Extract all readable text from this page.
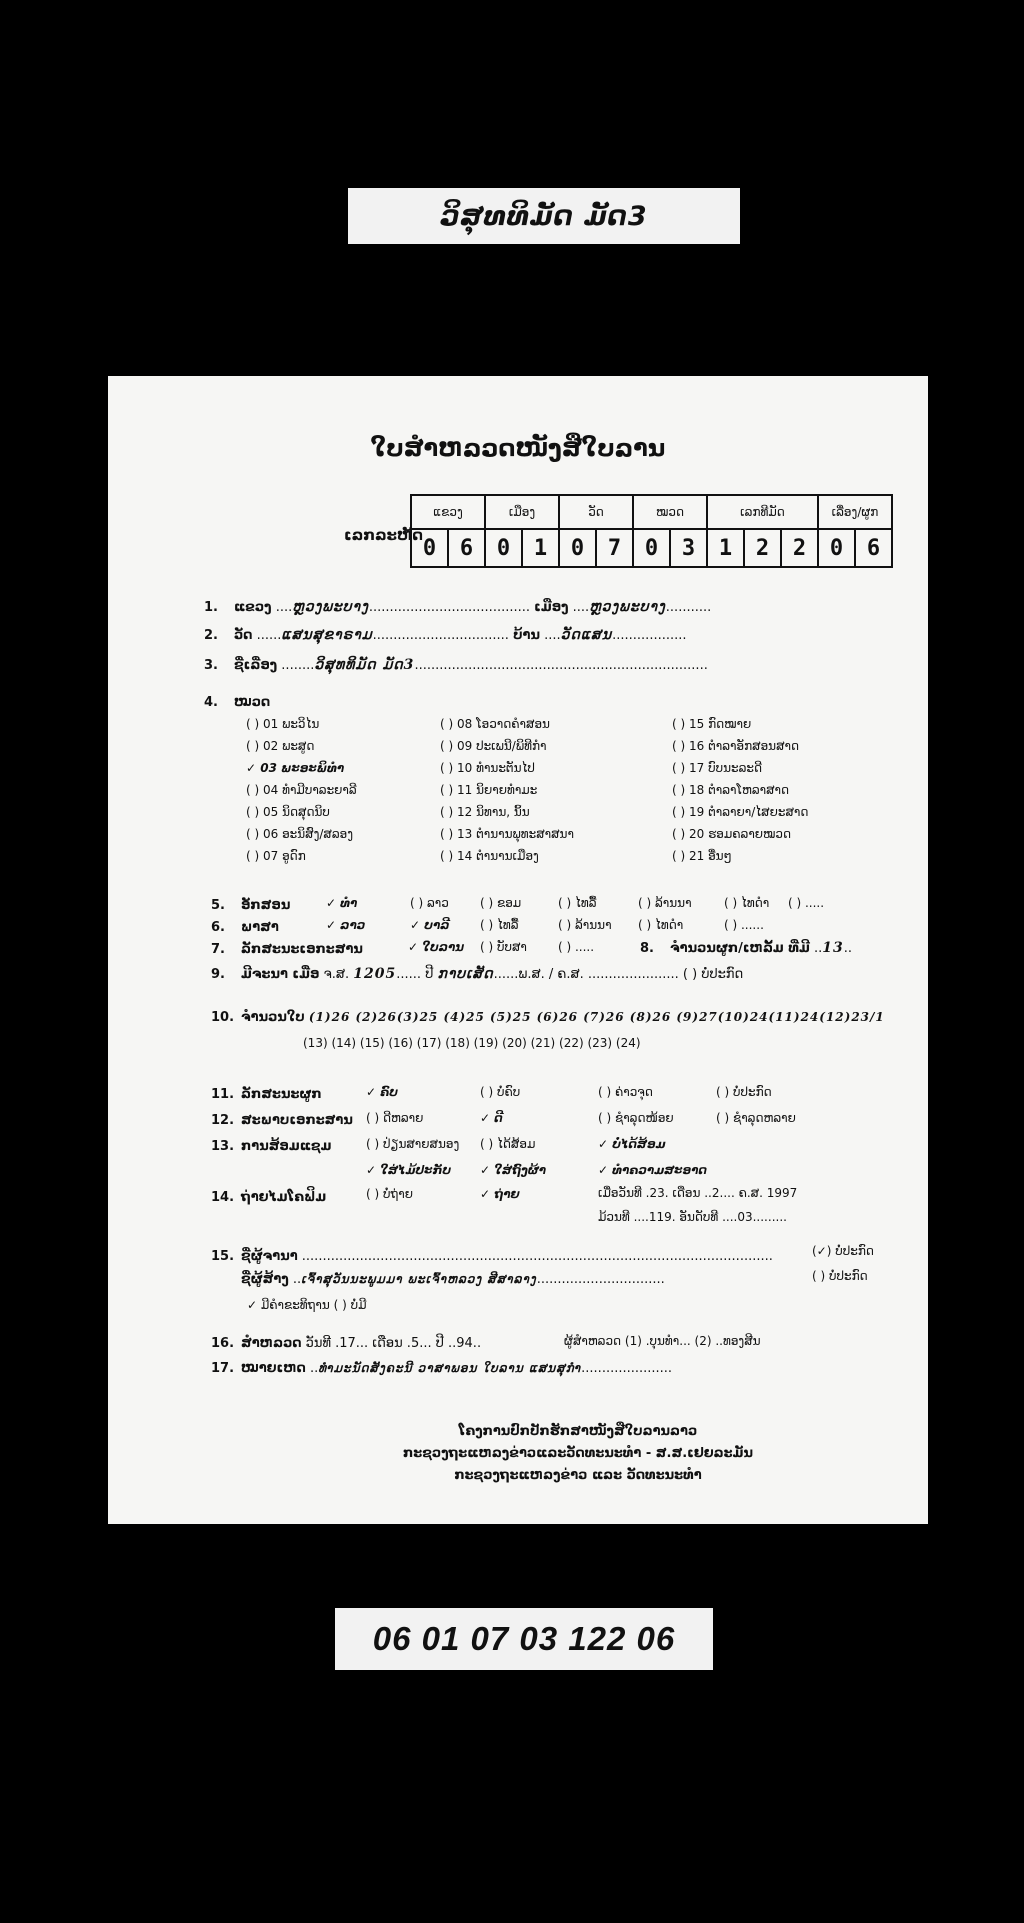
ວິສຸທທິມັດ ມັດ3
ໃບສຳຫລວດໜັງສືໃບລານ
ເລກລະຫັດ
ແຂວງ		ເມືອງ		ວັດ		ໝວດ		ເລກທີມັດ			ເລື່ອງ/ຜູກ	
0	6	0	1	0	7	0	3	1	2	2	0	6
1. ແຂວງ ....ຫຼວງພະບາງ....................................... ເມືອງ ....ຫຼວງພະບາງ...........
2. ວັດ ......ແສນສຸຂາຣາມ................................. ບ້ານ ....ວັດແສນ..................
3. ຊື່ເລື່ອງ ........ວິສຸທທິມັດ ມັດ3.......................................................................
4. ໝວດ
( ) 01 ພະວິໄນ
( ) 02 ພະສູດ
✓ 03 ພະອະພິທຳ
( ) 04 ທຳມີບາລະຍາລີ
( ) 05 ນິດສຸດນິບ
( ) 06 ອະນິສົງ/ສລອງ
( ) 07 ອູດົກ
( ) 08 ໂອວາດຄຳສອນ
( ) 09 ປະເພນີ/ພິທີກຳ
( ) 10 ທຳນະຕັນໄປ
( ) 11 ນິຍາຍທຳມະ
( ) 12 ນິທານ, ນິ້ນ
( ) 13 ຕຳນານພຸທະສາສນາ
( ) 14 ຕຳນານເມືອງ
( ) 15 ກົດໝາຍ
( ) 16 ຕຳລາອັກສອນສາດ
( ) 17 ບົບນະລະດີ
( ) 18 ຕຳລາໂຫລາສາດ
( ) 19 ຕຳລາຍາ/ໄສຍະສາດ
( ) 20 ຮອມຄລາຍໝວດ
( ) 21 ອື່ນໆ
5. ອັກສອນ	✓ ທຳ	( ) ລາວ	( ) ຂອມ	( ) ໄທລື້	( ) ລ້ານນາ	( ) ໄທດຳ ( ) .....
6. ພາສາ	✓ ລາວ	✓ ບາລີ	( ) ໄທລື້	( ) ລ້ານນາ ( ) ໄທດຳ	( ) ......
7. ລັກສະນະເອກະສານ	✓ ໃບລານ ( ) ບັບສາ	( ) .....	8. ຈຳນວນຜູກ/ເຫລັ້ມ ທີ່ມີ ..13..
9. ມີຈະນາ ເມື່ອ ຈ.ສ. 1205...... ປີ ກາບເສັດ......ພ.ສ. / ຄ.ສ. ...................... ( ) ບໍ່ປະກົດ
10. ຈຳນວນໃບ (1)26 (2)26(3)25 (4)25 (5)25 (6)26 (7)26 (8)26 (9)27(10)24(11)24(12)23/1
(13) (14) (15) (16) (17) (18) (19) (20) (21) (22) (23) (24)
11. ລັກສະນະຜູກ	✓ ຄົບ	( ) ບໍ່ຄົບ	( ) ຄ່າວຈຸດ	( ) ບໍ່ປະກົດ
12. ສະພາບເອກະສານ ( ) ດີຫລາຍ	✓ ດີ	( ) ຊຳລຸດໜ້ອຍ	( ) ຊຳລຸດຫລາຍ
13. ການສ້ອມແຊມ	( ) ປ່ຽນສາຍສນອງ ( ) ໄດ້ສ້ອມ	✓ ບໍ່ໄດ້ສ້ອມ
✓ ໃສ່ໄມ້ປະກັບ ✓ ໃສ່ຖົງຜ້າ	✓ ທຳຄວາມສະອາດ
14. ຖ່າຍໄມໂຄຟິມ	( ) ບໍ່ຖ່າຍ	✓ ຖ່າຍ	ເມື່ອວັນທີ .23. ເດືອນ ..2.... ຄ.ສ. 1997
ມ້ວນທີ ....119. ອັນດັບທີ ....03.........
15. ຊື່ຜູ້ຈານາ ..................................................................................................................	(✓) ບໍ່ປະກົດ
ຊື່ຜູ້ສ້າງ ..ເຈົ້າສຸວັນນະພູມມາ ພະເຈົ້າຫລວງ ສີສາລາງ...............................	( ) ບໍ່ປະກົດ
✓ ມີຄຳຂະທິຖານ ( ) ບໍ່ມີ
16. ສຳຫລວດ ວັນທີ .17... ເດືອນ .5... ປີ ..94..	ຜູ້ສຳຫລວດ (1) .ບຸນທຳ... (2) ..ທອງສີນ
17. ໝາຍເຫດ ..ທຳມະນັດສັງຄະນີ ວາສາພອນ ໃບລານ ແສນສຸກຳ......................
ໂຄງການປົກປັກຮັກສາໜັງສືໃບລານລາວ
ກະຊວງຖະແຫລງຂ່າວແລະວັດທະນະທຳ - ສ.ສ.ເຢຍລະມັນ
ກະຊວງຖະແຫລງຂ່າວ ແລະ ວັດທະນະທຳ
06 01 07 03 122 06
